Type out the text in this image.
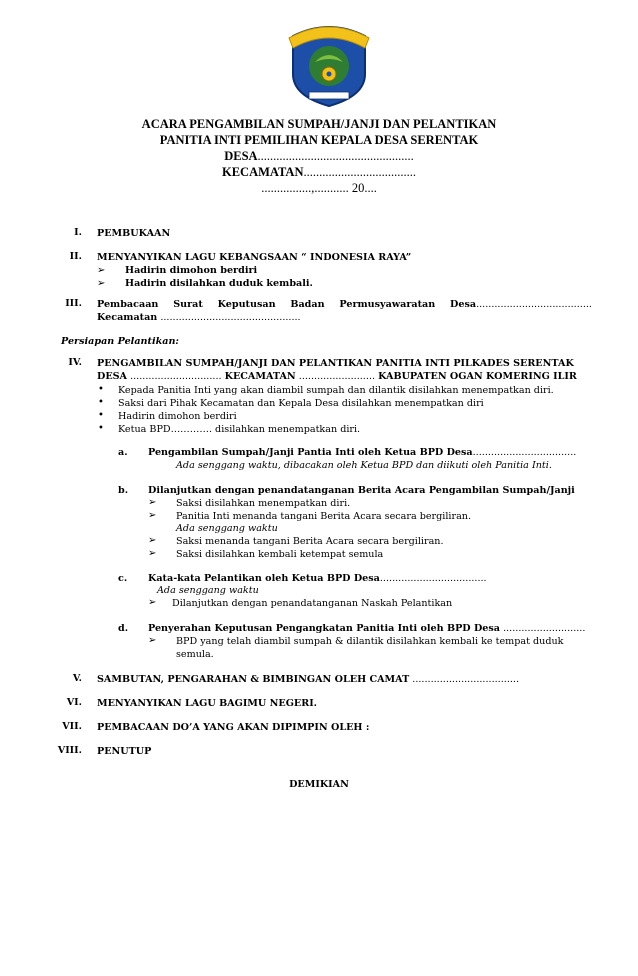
ACARA PENGAMBILAN SUMPAH/JANJI DAN PELANTIKAN
PANITIA INTI PEMILIHAN KEPALA DESA SERENTAK
DESA..................................................
KECAMATAN....................................
................,........... 20....
I. PEMBUKAAN
II. MENYANYIKAN LAGU KEBANGSAAN “ INDONESIA RAYA”
➢ Hadirin dimohon berdiri
➢ Hadirin disilahkan duduk kembali.
III. Pembacaan Surat Keputusan Badan Permusyawaratan Desa......................................
Kecamatan ..............................................
Persiapan Pelantikan:
IV. PENGAMBILAN SUMPAH/JANJI DAN PELANTIKAN PANITIA INTI PILKADES SERENTAK
DESA .............................. KECAMATAN ......................... KABUPATEN OGAN KOMERING ILIR
• Kepada Panitia Inti yang akan diambil sumpah dan dilantik disilahkan menempatkan diri.
• Saksi dari Pihak Kecamatan dan Kepala Desa disilahkan menempatkan diri
• Hadirin dimohon berdiri
• Ketua BPD…………. disilahkan menempatkan diri.
a. Pengambilan Sumpah/Janji Pantia Inti oleh Ketua BPD Desa..................................
Ada senggang waktu, dibacakan oleh Ketua BPD dan diikuti oleh Panitia Inti.
b. Dilanjutkan dengan penandatanganan Berita Acara Pengambilan Sumpah/Janji
➢ Saksi disilahkan menempatkan diri.
➢ Panitia Inti menanda tangani Berita Acara secara bergiliran.
Ada senggang waktu
➢ Saksi menanda tangani Berita Acara secara bergiliran.
➢ Saksi disilahkan kembali ketempat semula
c. Kata-kata Pelantikan oleh Ketua BPD Desa...................................
Ada senggang waktu
➢ Dilanjutkan dengan penandatanganan Naskah Pelantikan
d. Penyerahan Keputusan Pengangkatan Panitia Inti oleh BPD Desa ...........................
➢ BPD yang telah diambil sumpah & dilantik disilahkan kembali ke tempat duduk
semula.
V. SAMBUTAN, PENGARAHAN & BIMBINGAN OLEH CAMAT ...................................
VI. MENYANYIKAN LAGU BAGIMU NEGERI.
VII. PEMBACAAN DO’A YANG AKAN DIPIMPIN OLEH :
VIII. PENUTUP
DEMIKIAN
